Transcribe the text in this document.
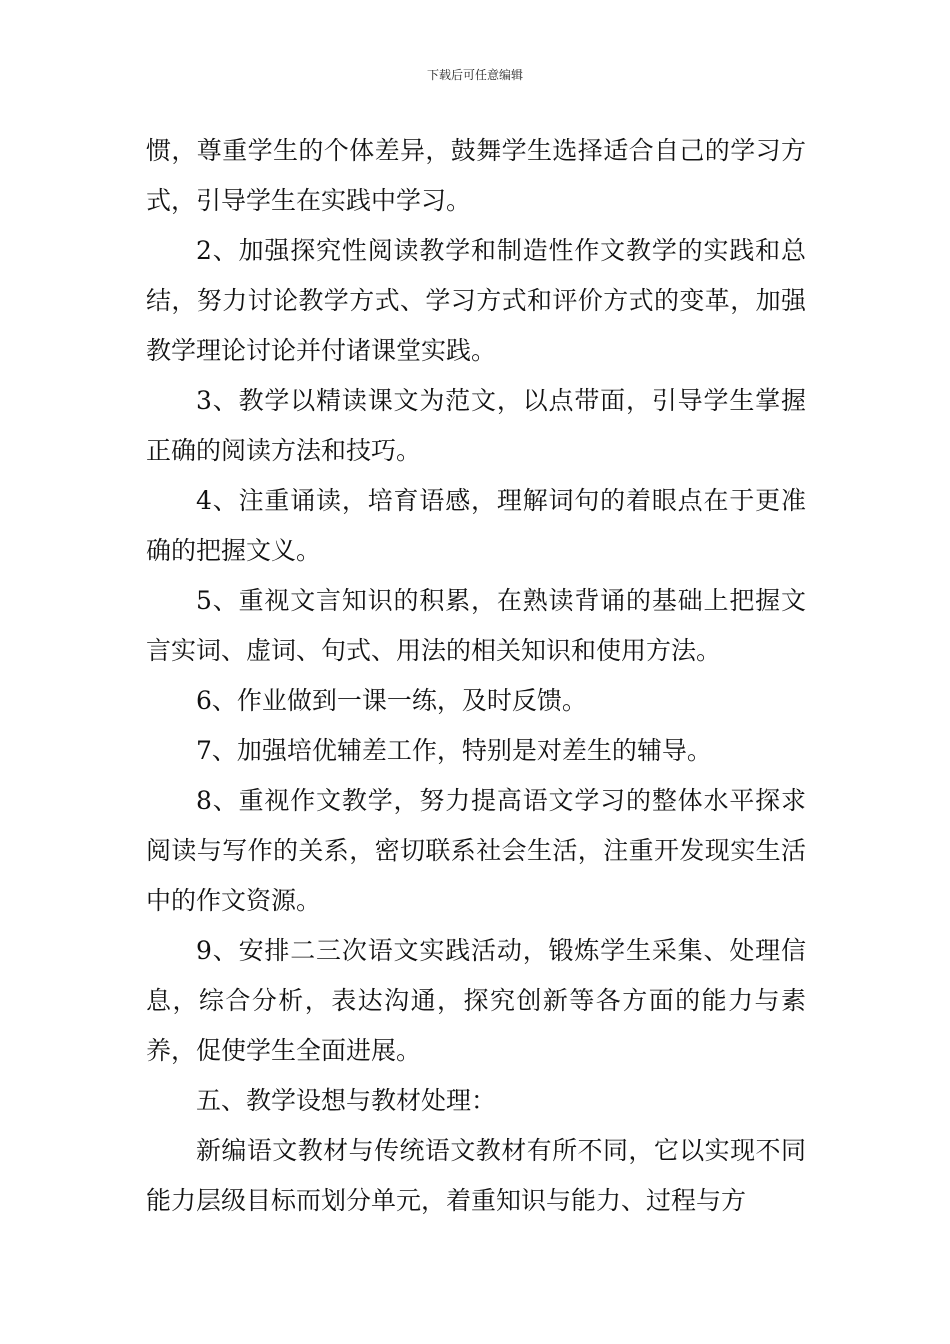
下载后可任意编辑

惯，尊重学生的个体差异，鼓舞学生选择适合自己的学习方式，引导学生在实践中学习。

2、加强探究性阅读教学和制造性作文教学的实践和总结，努力讨论教学方式、学习方式和评价方式的变革，加强教学理论讨论并付诸课堂实践。

3、教学以精读课文为范文，以点带面，引导学生掌握正确的阅读方法和技巧。

4、注重诵读，培育语感，理解词句的着眼点在于更准确的把握文义。

5、重视文言知识的积累，在熟读背诵的基础上把握文言实词、虚词、句式、用法的相关知识和使用方法。

6、作业做到一课一练，及时反馈。

7、加强培优辅差工作，特别是对差生的辅导。

8、重视作文教学，努力提高语文学习的整体水平探求阅读与写作的关系，密切联系社会生活，注重开发现实生活中的作文资源。

9、安排二三次语文实践活动，锻炼学生采集、处理信息，综合分析，表达沟通，探究创新等各方面的能力与素养，促使学生全面进展。

五、教学设想与教材处理：

新编语文教材与传统语文教材有所不同，它以实现不同能力层级目标而划分单元，着重知识与能力、过程与方
